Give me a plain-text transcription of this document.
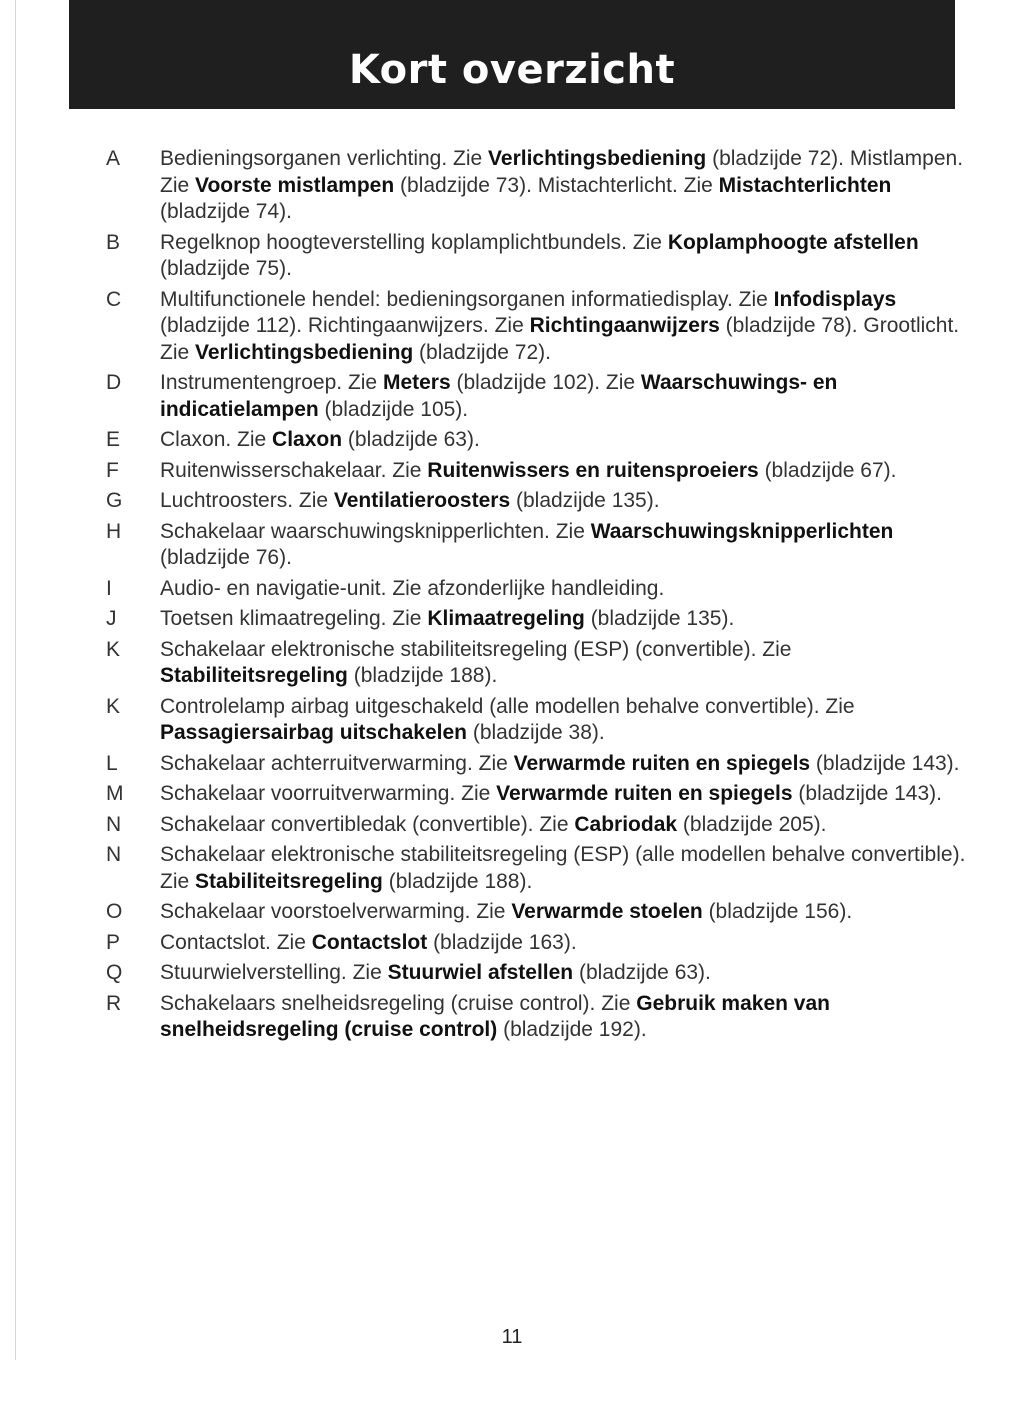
Kort overzicht
A	Bedieningsorganen verlichting. Zie Verlichtingsbediening (bladzijde 72). Mistlampen. Zie Voorste mistlampen (bladzijde 73). Mistachterlicht. Zie Mistachterlichten (bladzijde 74).
B	Regelknop hoogteverstelling koplamplichtbundels. Zie Koplamphoogte afstellen (bladzijde 75).
C	Multifunctionele hendel: bedieningsorganen informatiedisplay. Zie Infodisplays (bladzijde 112). Richtingaanwijzers. Zie Richtingaanwijzers (bladzijde 78). Grootlicht. Zie Verlichtingsbediening (bladzijde 72).
D	Instrumentengroep. Zie Meters (bladzijde 102). Zie Waarschuwings- en indicatielampen (bladzijde 105).
E	Claxon. Zie Claxon (bladzijde 63).
F	Ruitenwisserschakelaar. Zie Ruitenwissers en ruitensproeiers (bladzijde 67).
G	Luchtroosters. Zie Ventilatieroosters (bladzijde 135).
H	Schakelaar waarschuwingsknipperlichten. Zie Waarschuwingsknipperlichten (bladzijde 76).
I	Audio- en navigatie-unit. Zie afzonderlijke handleiding.
J	Toetsen klimaatregeling. Zie Klimaatregeling (bladzijde 135).
K	Schakelaar elektronische stabiliteitsregeling (ESP) (convertible). Zie Stabiliteitsregeling (bladzijde 188).
K	Controlelamp airbag uitgeschakeld (alle modellen behalve convertible). Zie Passagiersairbag uitschakelen (bladzijde 38).
L	Schakelaar achterruitverwarming. Zie Verwarmde ruiten en spiegels (bladzijde 143).
M	Schakelaar voorruitverwarming. Zie Verwarmde ruiten en spiegels (bladzijde 143).
N	Schakelaar convertibledak (convertible). Zie Cabriodak (bladzijde 205).
N	Schakelaar elektronische stabiliteitsregeling (ESP) (alle modellen behalve convertible). Zie Stabiliteitsregeling (bladzijde 188).
O	Schakelaar voorstoelverwarming. Zie Verwarmde stoelen (bladzijde 156).
P	Contactslot. Zie Contactslot (bladzijde 163).
Q	Stuurwielverstelling. Zie Stuurwiel afstellen (bladzijde 63).
R	Schakelaars snelheidsregeling (cruise control). Zie Gebruik maken van snelheidsregeling (cruise control) (bladzijde 192).
11
